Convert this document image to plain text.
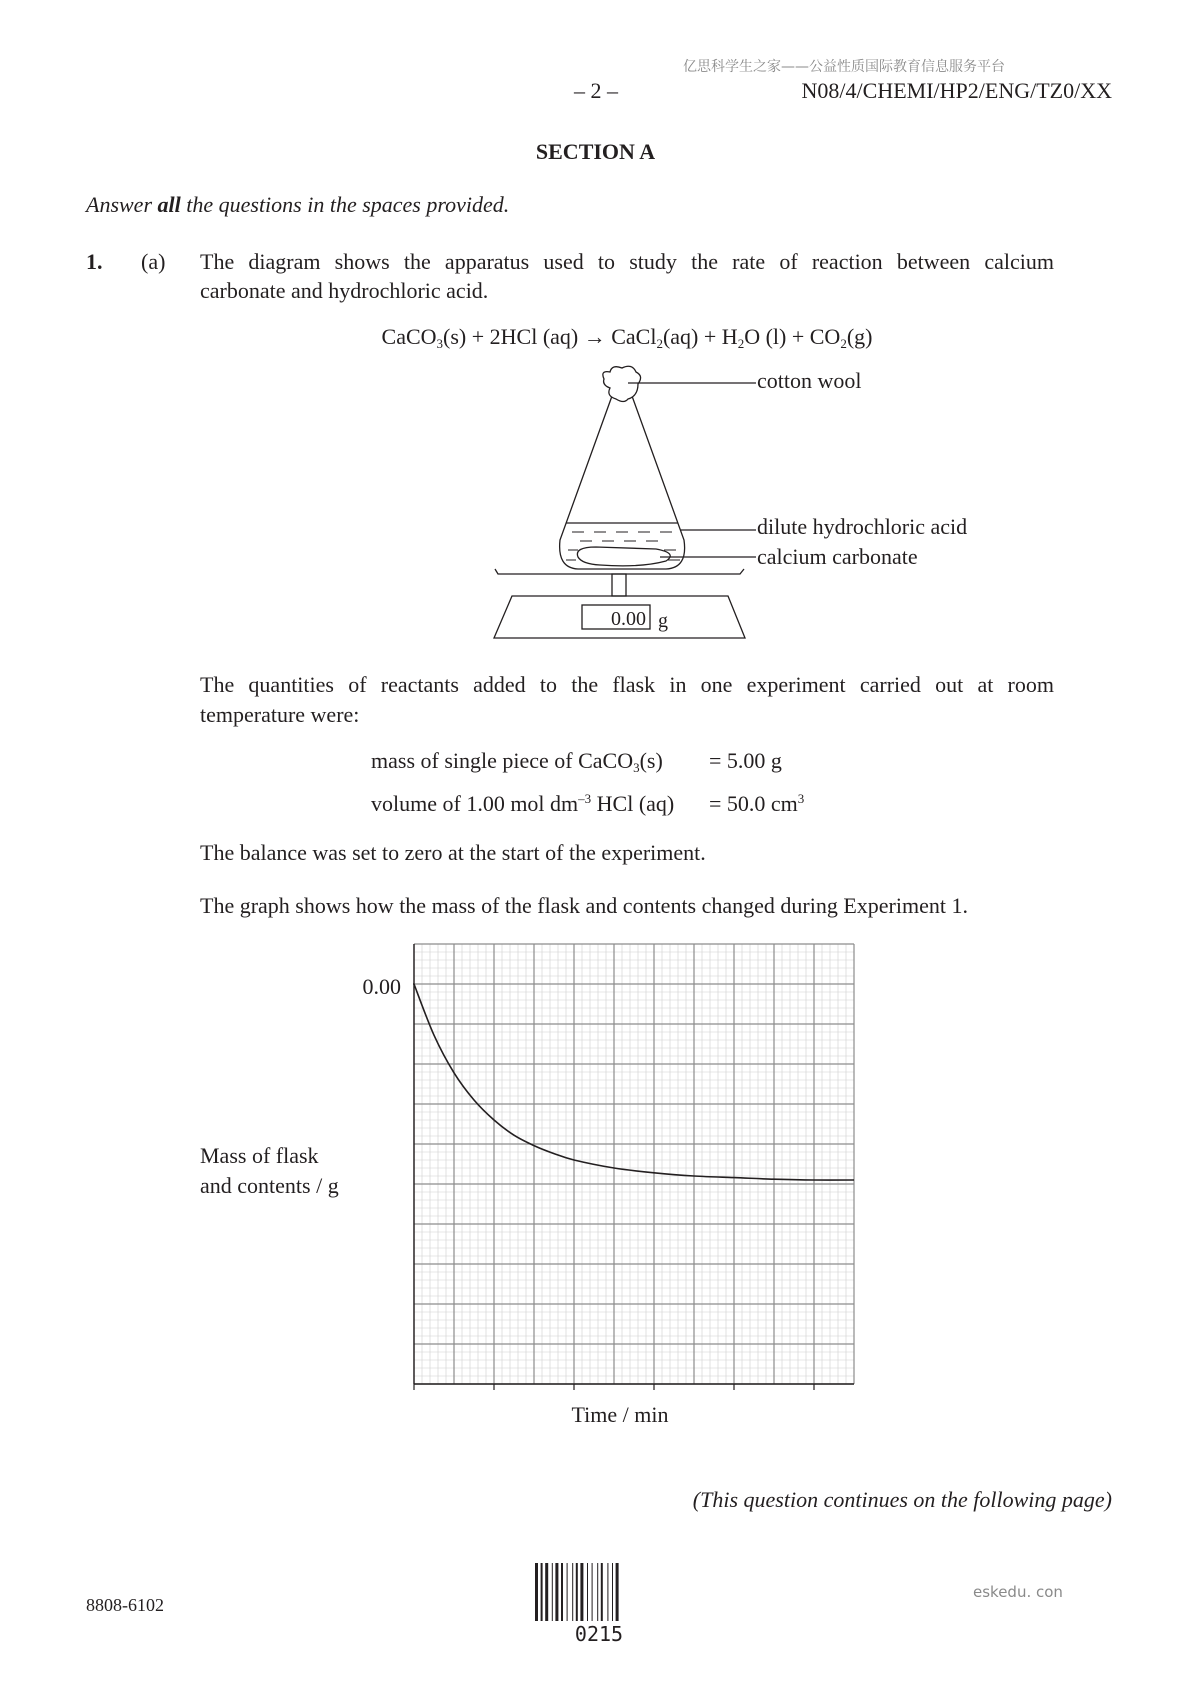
亿思科学生之家——公益性质国际教育信息服务平台
– 2 –	N08/4/CHEMI/HP2/ENG/TZ0/XX
SECTION A
Answer all the questions in the spaces provided.
1. (a) The diagram shows the apparatus used to study the rate of reaction between calcium
carbonate and hydrochloric acid.
CaCO$_3$(s) + 2HCl (aq) → CaCl$_2$(aq) + $H_2O$ $(l) + CO_2(g)$
0.00 g
cotton wool
dilute hydrochloric acid
calcium carbonate
The quantities of reactants added to the flask in one experiment carried out at room
temperature were:
mass of single piece of CaCO$_3$(s) = 5.00 g
volume of 1.00 mol $dm^{-3}$ HCl (aq) = 50.0 $cm^3$
The balance was set to zero at the start of the experiment.
The graph shows how the mass of the flask and contents changed during Experiment 1.
Mass of flask
and contents / g
0.00
Time / min
(This question continues on the following page)
8808-6102
eskedu. con
0215
